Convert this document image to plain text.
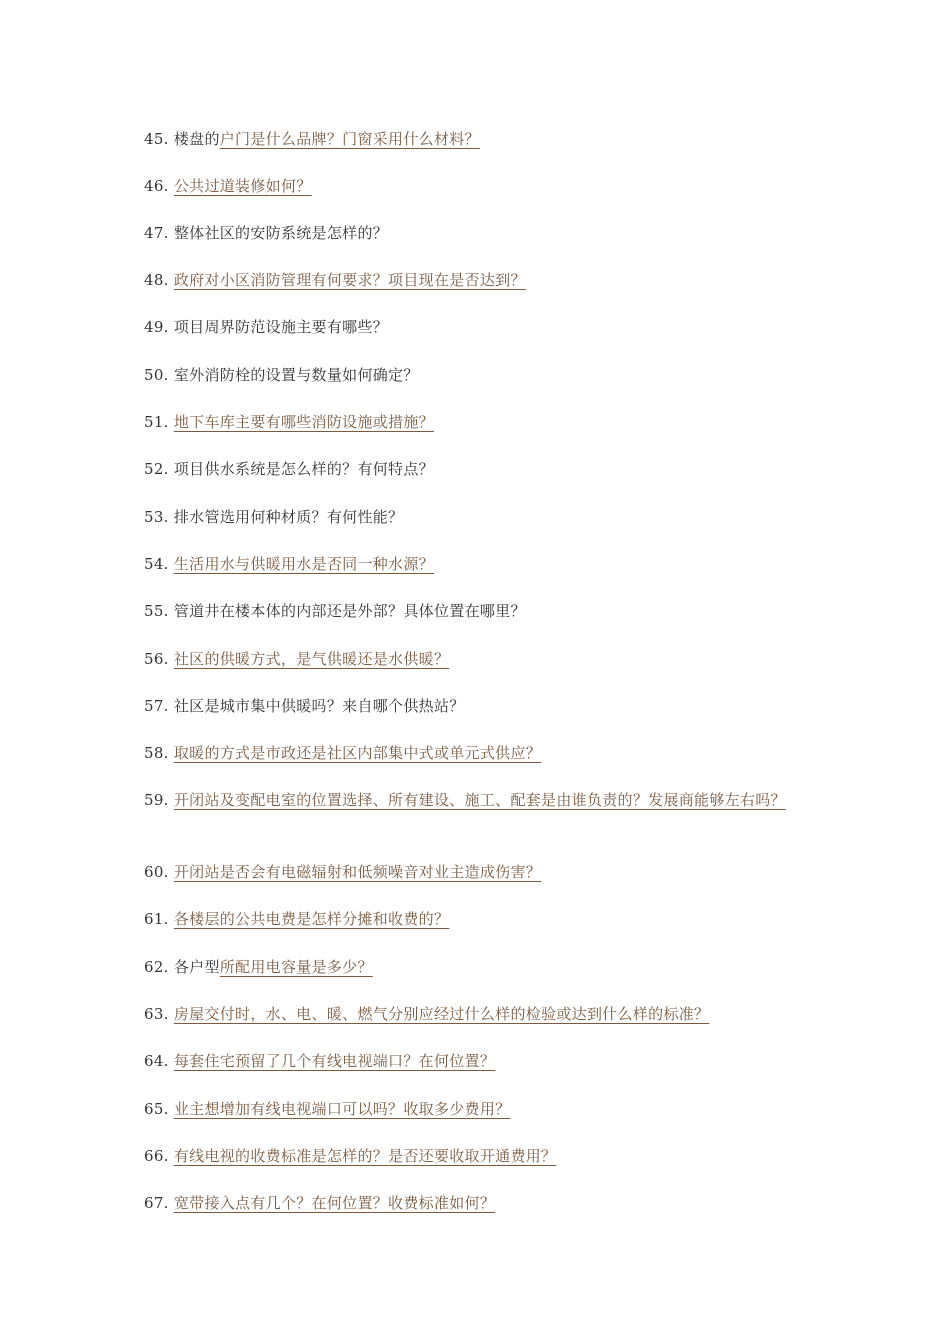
45. 楼盘的户门是什么品牌？门窗采用什么材料？

46. 公共过道装修如何？

47. 整体社区的安防系统是怎样的？

48. 政府对小区消防管理有何要求？项目现在是否达到？

49. 项目周界防范设施主要有哪些？

50. 室外消防栓的设置与数量如何确定？

51. 地下车库主要有哪些消防设施或措施？

52. 项目供水系统是怎么样的？有何特点？

53. 排水管选用何种材质？有何性能？

54. 生活用水与供暖用水是否同一种水源？

55. 管道井在楼本体的内部还是外部？具体位置在哪里？

56. 社区的供暖方式，是气供暖还是水供暖？

57. 社区是城市集中供暖吗？来自哪个供热站？

58. 取暖的方式是市政还是社区内部集中式或单元式供应？

59. 开闭站及变配电室的位置选择、所有建设、施工、配套是由谁负责的？发展商能够左右吗？

60. 开闭站是否会有电磁辐射和低频噪音对业主造成伤害？

61. 各楼层的公共电费是怎样分摊和收费的？

62. 各户型所配用电容量是多少？

63. 房屋交付时，水、电、暖、燃气分别应经过什么样的检验或达到什么样的标准？

64. 每套住宅预留了几个有线电视端口？在何位置？

65. 业主想增加有线电视端口可以吗？收取多少费用？

66. 有线电视的收费标准是怎样的？是否还要收取开通费用？

67. 宽带接入点有几个？在何位置？收费标准如何？
